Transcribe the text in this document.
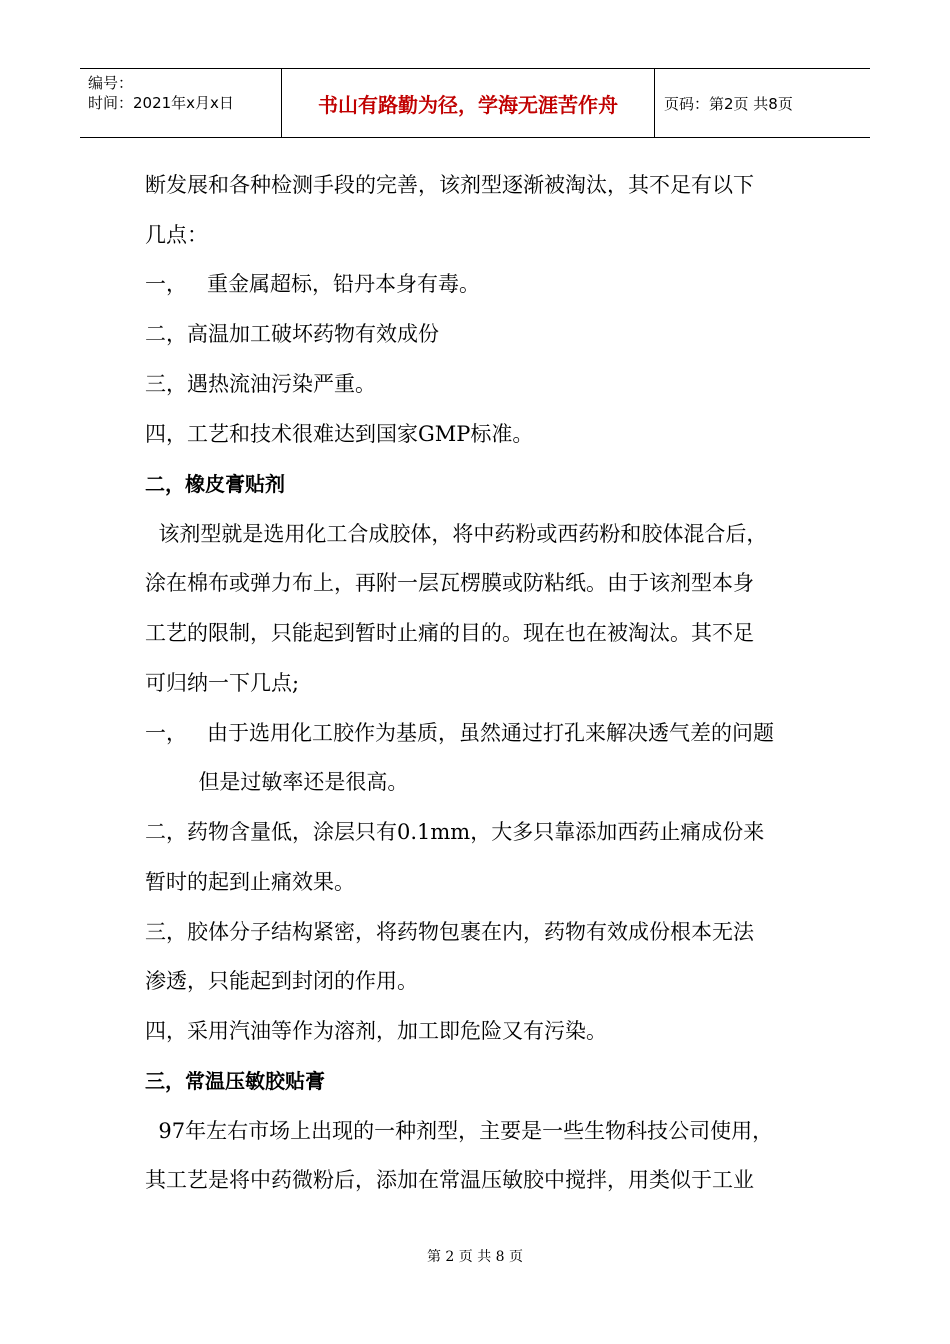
编号：
时间：2021年x月x日	书山有路勤为径，学海无涯苦作舟	页码：第2页 共8页
断发展和各种检测手段的完善，该剂型逐渐被淘汰，其不足有以下
几点：
一，   重金属超标，铅丹本身有毒。
二，高温加工破坏药物有效成份
三，遇热流油污染严重。
四，工艺和技术很难达到国家GMP标准。
二，橡皮膏贴剂
该剂型就是选用化工合成胶体，将中药粉或西药粉和胶体混合后，
涂在棉布或弹力布上，再附一层瓦楞膜或防粘纸。由于该剂型本身
工艺的限制，只能起到暂时止痛的目的。现在也在被淘汰。其不足
可归纳一下几点;
一，   由于选用化工胶作为基质，虽然通过打孔来解决透气差的问题
但是过敏率还是很高。
二，药物含量低，涂层只有0.1mm，大多只靠添加西药止痛成份来
暂时的起到止痛效果。
三，胶体分子结构紧密，将药物包裹在内，药物有效成份根本无法
渗透，只能起到封闭的作用。
四，采用汽油等作为溶剂，加工即危险又有污染。
三，常温压敏胶贴膏
97年左右市场上出现的一种剂型，主要是一些生物科技公司使用，
其工艺是将中药微粉后，添加在常温压敏胶中搅拌，用类似于工业
第 2 页 共 8 页
